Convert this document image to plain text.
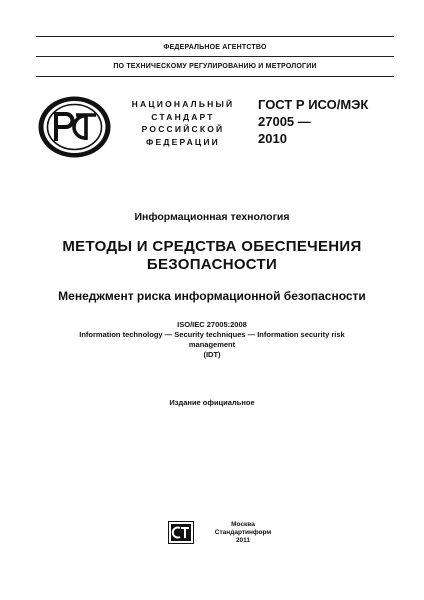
ФЕДЕРАЛЬНОЕ АГЕНТСТВО
ПО ТЕХНИЧЕСКОМУ РЕГУЛИРОВАНИЮ И МЕТРОЛОГИИ
НАЦИОНАЛЬНЫЙ
СТАНДАРТ
РОССИЙСКОЙ
ФЕДЕРАЦИИ
ГОСТ Р ИСО/МЭК
27005 —
2010
Информационная технология
МЕТОДЫ И СРЕДСТВА ОБЕСПЕЧЕНИЯ
БЕЗОПАСНОСТИ
Менеджмент риска информационной безопасности
ISO/IEC 27005:2008
Information technology — Security techniques — Information security risk
management
(IDT)
Издание официальное
Москва
Стандартинформ
2011
